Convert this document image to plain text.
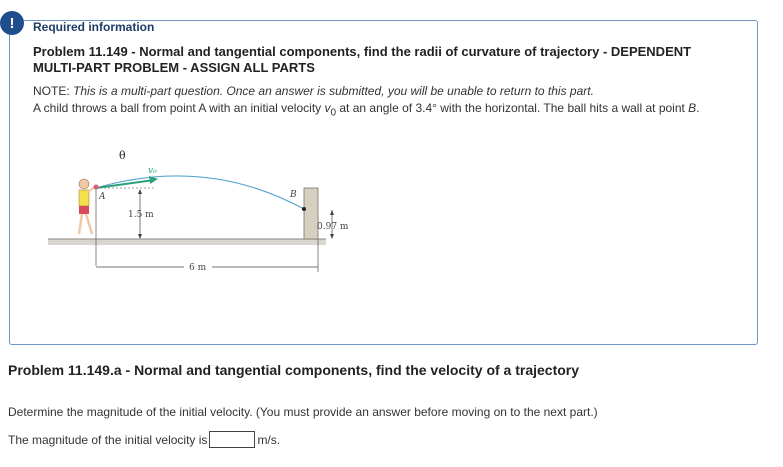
!	Required information
Problem 11.149 - Normal and tangential components, find the radii of curvature of trajectory - DEPENDENT MULTI-PART PROBLEM - ASSIGN ALL PARTS
NOTE: This is a multi-part question. Once an answer is submitted, you will be unable to return to this part.
A child throws a ball from point A with an initial velocity $v_0$ at an angle of 3.4° with the horizontal. The ball hits a wall at point B.
θ
v₀
A	B
1.5 m
0.97 m
6 m
Problem 11.149.a - Normal and tangential components, find the velocity of a trajectory
Determine the magnitude of the initial velocity. (You must provide an answer before moving on to the next part.)
The magnitude of the initial velocity is	m/s.
